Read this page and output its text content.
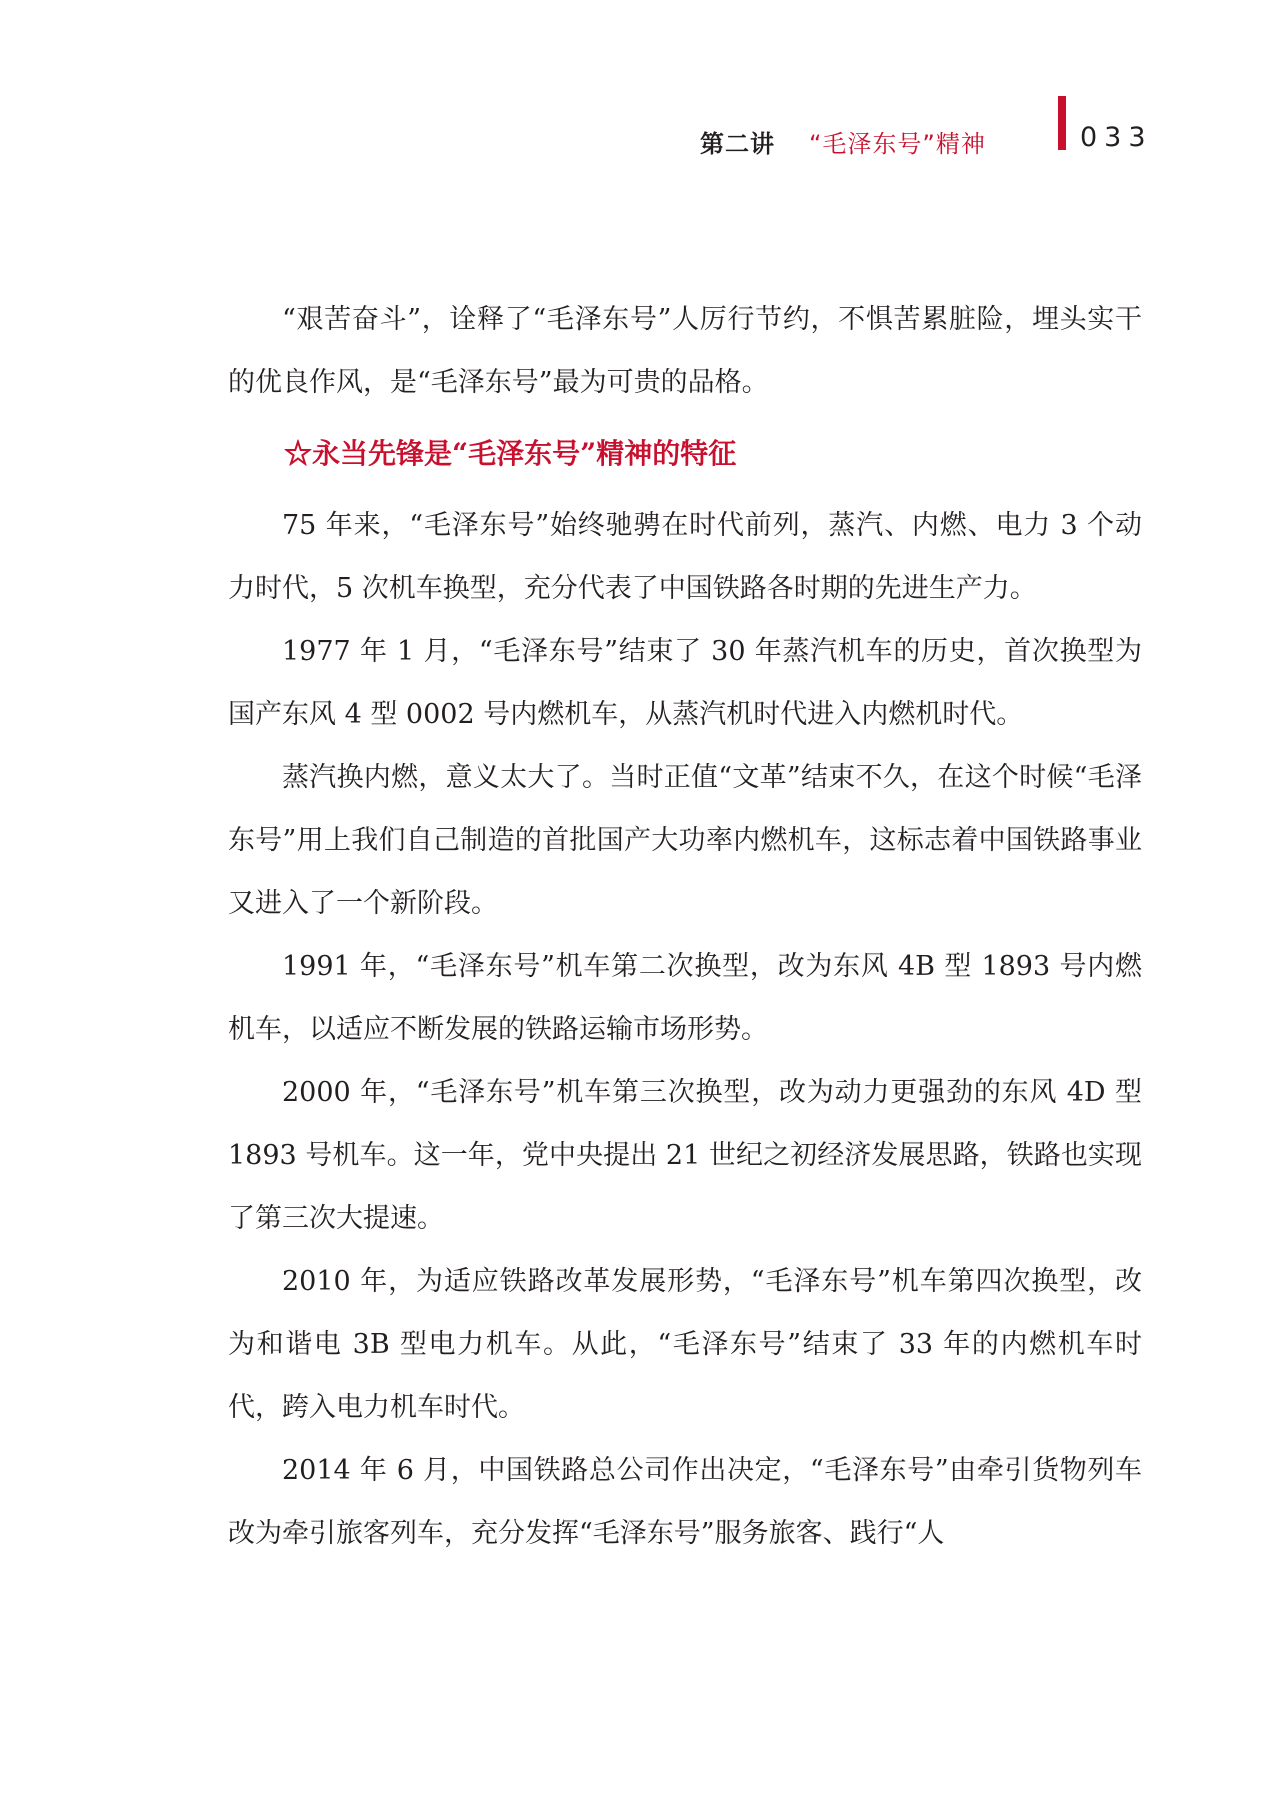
第二讲 “毛泽东号”精神	033

“艰苦奋斗”，诠释了“毛泽东号”人厉行节约，不惧苦累脏险，埋头实干的优良作风，是“毛泽东号”最为可贵的品格。

☆永当先锋是“毛泽东号”精神的特征

75 年来，“毛泽东号”始终驰骋在时代前列，蒸汽、内燃、电力 3 个动力时代，5 次机车换型，充分代表了中国铁路各时期的先进生产力。

1977 年 1 月，“毛泽东号”结束了 30 年蒸汽机车的历史，首次换型为国产东风 4 型 0002 号内燃机车，从蒸汽机时代进入内燃机时代。

蒸汽换内燃，意义太大了。当时正值“文革”结束不久，在这个时候“毛泽东号”用上我们自己制造的首批国产大功率内燃机车，这标志着中国铁路事业又进入了一个新阶段。

1991 年，“毛泽东号”机车第二次换型，改为东风 4B 型 1893 号内燃机车，以适应不断发展的铁路运输市场形势。

2000 年，“毛泽东号”机车第三次换型，改为动力更强劲的东风 4D 型 1893 号机车。这一年，党中央提出 21 世纪之初经济发展思路，铁路也实现了第三次大提速。

2010 年，为适应铁路改革发展形势，“毛泽东号”机车第四次换型，改为和谐电 3B 型电力机车。从此，“毛泽东号”结束了 33 年的内燃机车时代，跨入电力机车时代。

2014 年 6 月，中国铁路总公司作出决定，“毛泽东号”由牵引货物列车改为牵引旅客列车，充分发挥“毛泽东号”服务旅客、践行“人
